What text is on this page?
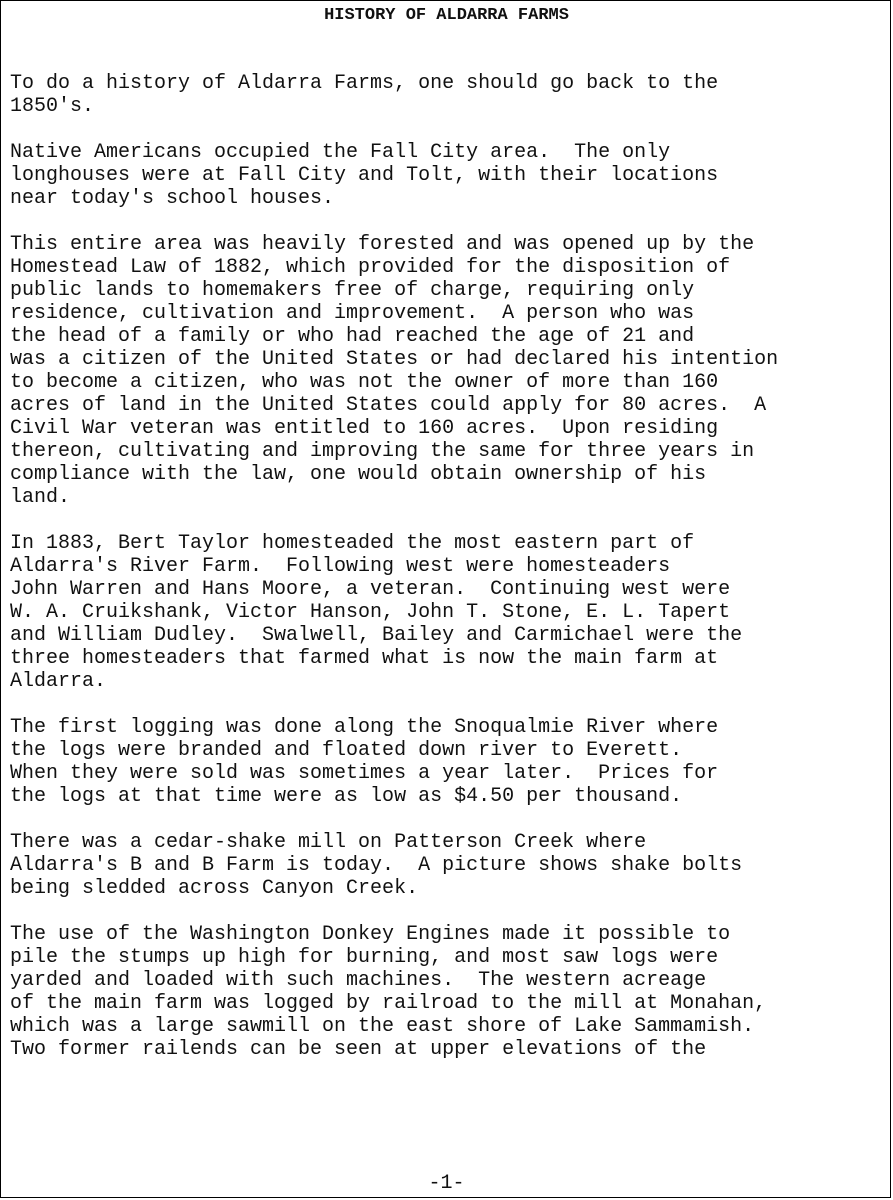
HISTORY OF ALDARRA FARMS
To do a history of Aldarra Farms, one should go back to the
1850's.
Native Americans occupied the Fall City area.  The only
longhouses were at Fall City and Tolt, with their locations
near today's school houses.
This entire area was heavily forested and was opened up by the
Homestead Law of 1882, which provided for the disposition of
public lands to homemakers free of charge, requiring only
residence, cultivation and improvement.  A person who was
the head of a family or who had reached the age of 21 and
was a citizen of the United States or had declared his intention
to become a citizen, who was not the owner of more than 160
acres of land in the United States could apply for 80 acres.  A
Civil War veteran was entitled to 160 acres.  Upon residing
thereon, cultivating and improving the same for three years in
compliance with the law, one would obtain ownership of his
land.
In 1883, Bert Taylor homesteaded the most eastern part of
Aldarra's River Farm.  Following west were homesteaders
John Warren and Hans Moore, a veteran.  Continuing west were
W. A. Cruikshank, Victor Hanson, John T. Stone, E. L. Tapert
and William Dudley.  Swalwell, Bailey and Carmichael were the
three homesteaders that farmed what is now the main farm at
Aldarra.
The first logging was done along the Snoqualmie River where
the logs were branded and floated down river to Everett.
When they were sold was sometimes a year later.  Prices for
the logs at that time were as low as $4.50 per thousand.
There was a cedar-shake mill on Patterson Creek where
Aldarra's B and B Farm is today.  A picture shows shake bolts
being sledded across Canyon Creek.
The use of the Washington Donkey Engines made it possible to
pile the stumps up high for burning, and most saw logs were
yarded and loaded with such machines.  The western acreage
of the main farm was logged by railroad to the mill at Monahan,
which was a large sawmill on the east shore of Lake Sammamish.
Two former railends can be seen at upper elevations of the
-1-
